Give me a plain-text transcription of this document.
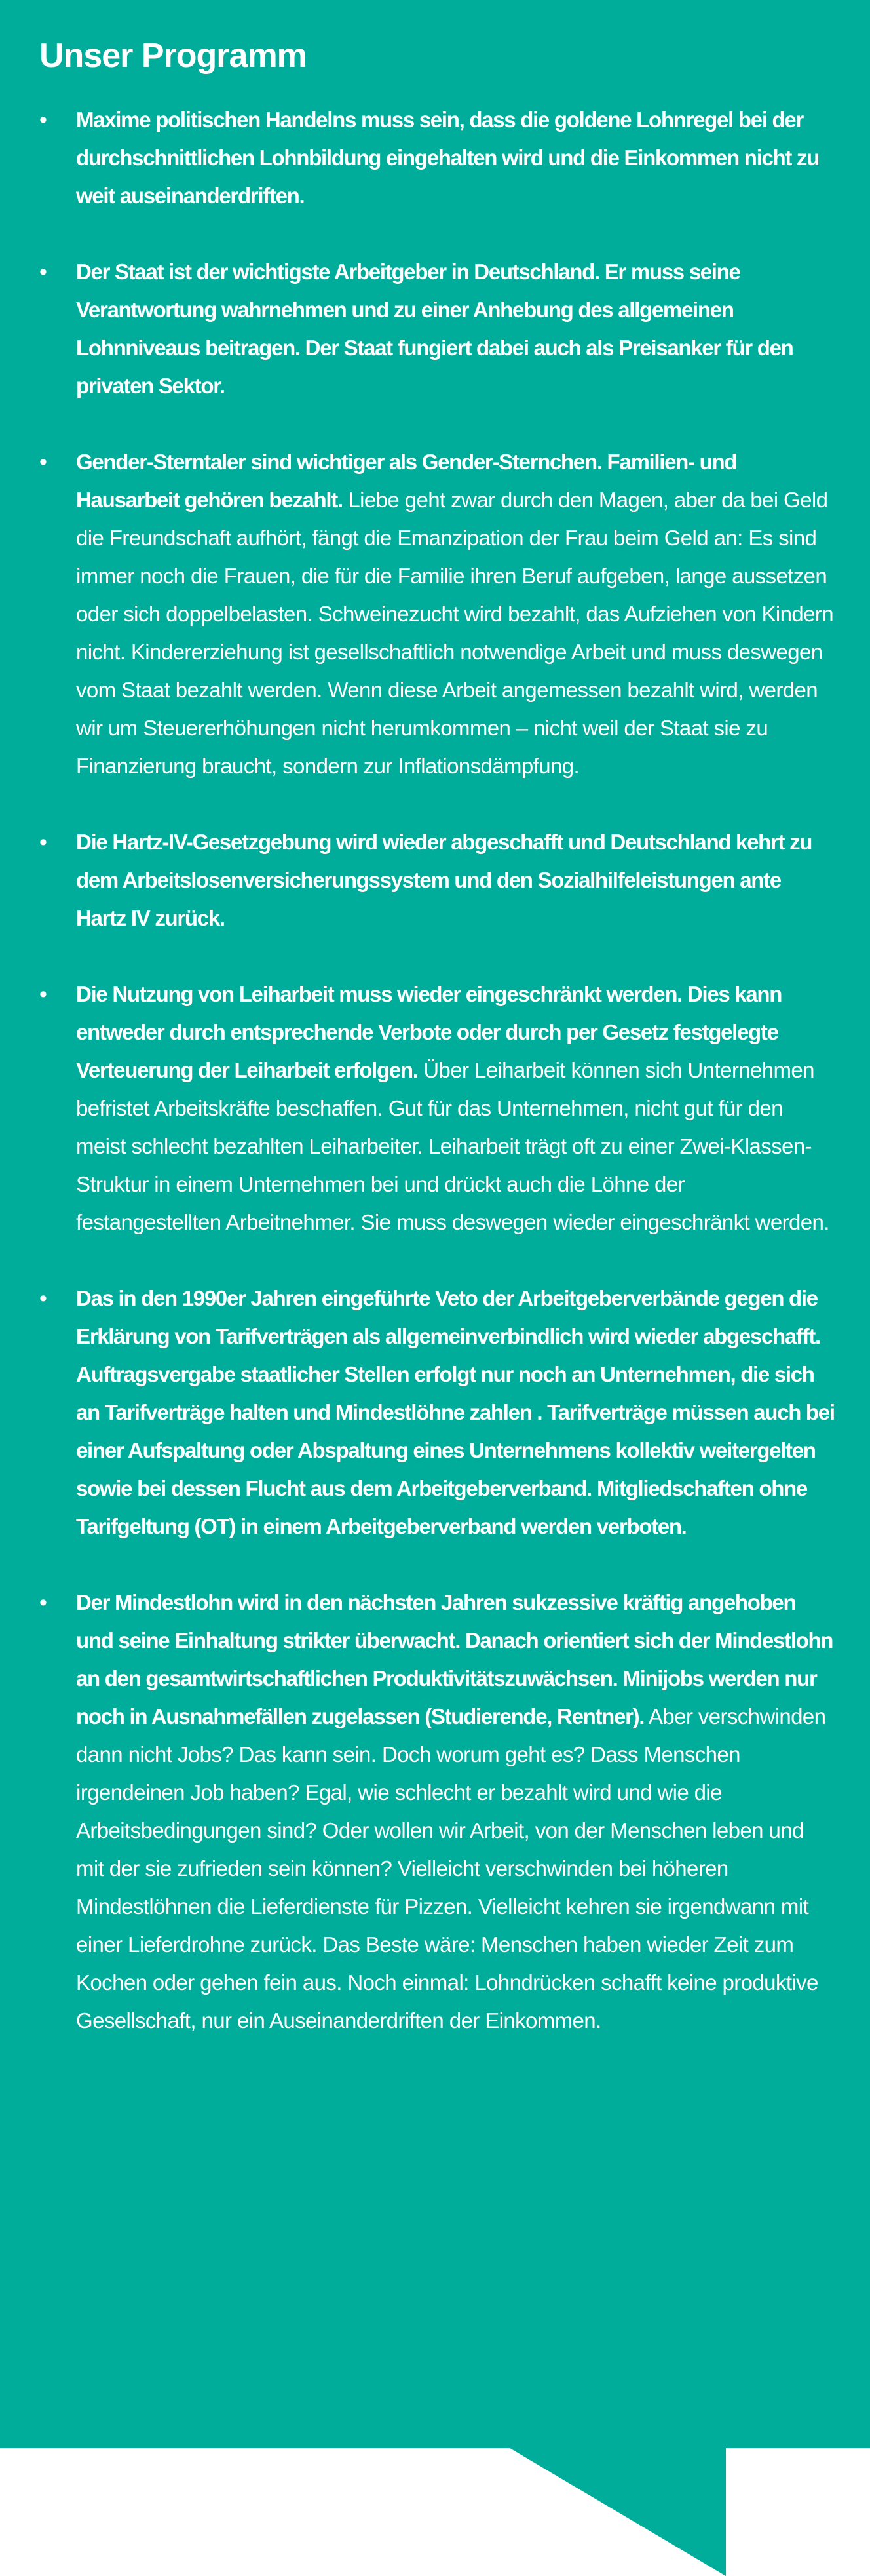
Unser Programm
• Maxime politischen Handelns muss sein, dass die goldene Lohnregel bei der durchschnittlichen Lohnbildung eingehalten wird und die Einkommen nicht zu weit auseinanderdriften.
• Der Staat ist der wichtigste Arbeitgeber in Deutschland. Er muss seine Verantwortung wahrnehmen und zu einer Anhebung des allgemeinen Lohnniveaus beitragen. Der Staat fungiert dabei auch als Preisanker für den privaten Sektor.
• Gender-Sterntaler sind wichtiger als Gender-Sternchen. Familien- und Hausarbeit gehören bezahlt. Liebe geht zwar durch den Magen, aber da bei Geld die Freundschaft aufhört, fängt die Emanzipation der Frau beim Geld an: Es sind immer noch die Frauen, die für die Familie ihren Beruf aufgeben, lange aussetzen oder sich doppelbelasten. Schweinezucht wird bezahlt, das Aufziehen von Kindern nicht. Kindererziehung ist gesellschaftlich notwendige Arbeit und muss deswegen vom Staat bezahlt werden. Wenn diese Arbeit angemessen bezahlt wird, werden wir um Steuererhöhungen nicht herumkommen – nicht weil der Staat sie zu Finanzierung braucht, sondern zur Inflationsdämpfung.
• Die Hartz-IV-Gesetzgebung wird wieder abgeschafft und Deutschland kehrt zu dem Arbeitslosenversicherungssystem und den Sozialhilfeleistungen ante Hartz IV zurück.
• Die Nutzung von Leiharbeit muss wieder eingeschränkt werden. Dies kann entweder durch entsprechende Verbote oder durch per Gesetz festgelegte Verteuerung der Leiharbeit erfolgen. Über Leiharbeit können sich Unternehmen befristet Arbeitskräfte beschaffen. Gut für das Unternehmen, nicht gut für den meist schlecht bezahlten Leiharbeiter. Leiharbeit trägt oft zu einer Zwei-Klassen-Struktur in einem Unternehmen bei und drückt auch die Löhne der festangestellten Arbeitnehmer. Sie muss deswegen wieder eingeschränkt werden.
• Das in den 1990er Jahren eingeführte Veto der Arbeitgeberverbände gegen die Erklärung von Tarifverträgen als allgemeinverbindlich wird wieder abgeschafft. Auftragsvergabe staatlicher Stellen erfolgt nur noch an Unternehmen, die sich an Tarifverträge halten und Mindestlöhne zahlen . Tarifverträge müssen auch bei einer Aufspaltung oder Abspaltung eines Unternehmens kollektiv weitergelten sowie bei dessen Flucht aus dem Arbeitgeberverband. Mitgliedschaften ohne Tarifgeltung (OT) in einem Arbeitgeberverband werden verboten.
• Der Mindestlohn wird in den nächsten Jahren sukzessive kräftig angehoben und seine Einhaltung strikter überwacht. Danach orientiert sich der Mindestlohn an den gesamtwirtschaftlichen Produktivitätszuwächsen. Minijobs werden nur noch in Ausnahmefällen zugelassen (Studierende, Rentner). Aber verschwinden dann nicht Jobs? Das kann sein. Doch worum geht es? Dass Menschen irgendeinen Job haben? Egal, wie schlecht er bezahlt wird und wie die Arbeitsbedingungen sind? Oder wollen wir Arbeit, von der Menschen leben und mit der sie zufrieden sein können? Vielleicht verschwinden bei höheren Mindestlöhnen die Lieferdienste für Pizzen. Vielleicht kehren sie irgendwann mit einer Lieferdrohne zurück. Das Beste wäre: Menschen haben wieder Zeit zum Kochen oder gehen fein aus. Noch einmal: Lohndrücken schafft keine produktive Gesellschaft, nur ein Auseinanderdriften der Einkommen.
